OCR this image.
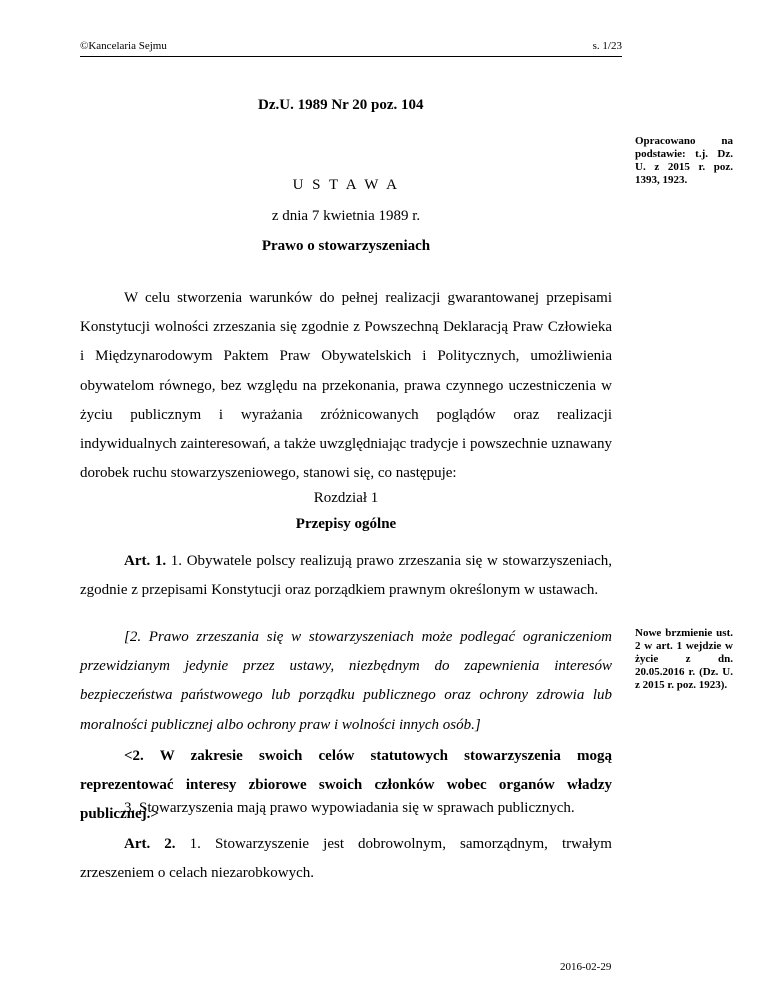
©Kancelaria Sejmu	s. 1/23
Dz.U. 1989 Nr 20 poz. 104
U S T A W A
z dnia 7 kwietnia 1989 r.
Prawo o stowarzyszeniach
W celu stworzenia warunków do pełnej realizacji gwarantowanej przepisami Konstytucji wolności zrzeszania się zgodnie z Powszechną Deklaracją Praw Człowieka i Międzynarodowym Paktem Praw Obywatelskich i Politycznych, umożliwienia obywatelom równego, bez względu na przekonania, prawa czynnego uczestniczenia w życiu publicznym i wyrażania zróżnicowanych poglądów oraz realizacji indywidualnych zainteresowań, a także uwzględniając tradycje i powszechnie uznawany dorobek ruchu stowarzyszeniowego, stanowi się, co następuje:
Rozdział 1
Przepisy ogólne
Art. 1. 1. Obywatele polscy realizują prawo zrzeszania się w stowarzyszeniach, zgodnie z przepisami Konstytucji oraz porządkiem prawnym określonym w ustawach.
[2. Prawo zrzeszania się w stowarzyszeniach może podlegać ograniczeniom przewidzianym jedynie przez ustawy, niezbędnym do zapewnienia interesów bezpieczeństwa państwowego lub porządku publicznego oraz ochrony zdrowia lub moralności publicznej albo ochrony praw i wolności innych osób.]
<2. W zakresie swoich celów statutowych stowarzyszenia mogą reprezentować interesy zbiorowe swoich członków wobec organów władzy publicznej.>
3. Stowarzyszenia mają prawo wypowiadania się w sprawach publicznych.
Art. 2. 1. Stowarzyszenie jest dobrowolnym, samorządnym, trwałym zrzeszeniem o celach niezarobkowych.
Opracowano na podstawie: t.j. Dz. U. z 2015 r. poz. 1393, 1923.
Nowe brzmienie ust. 2 w art. 1 wejdzie w życie z dn. 20.05.2016 r. (Dz. U. z 2015 r. poz. 1923).
2016-02-29
